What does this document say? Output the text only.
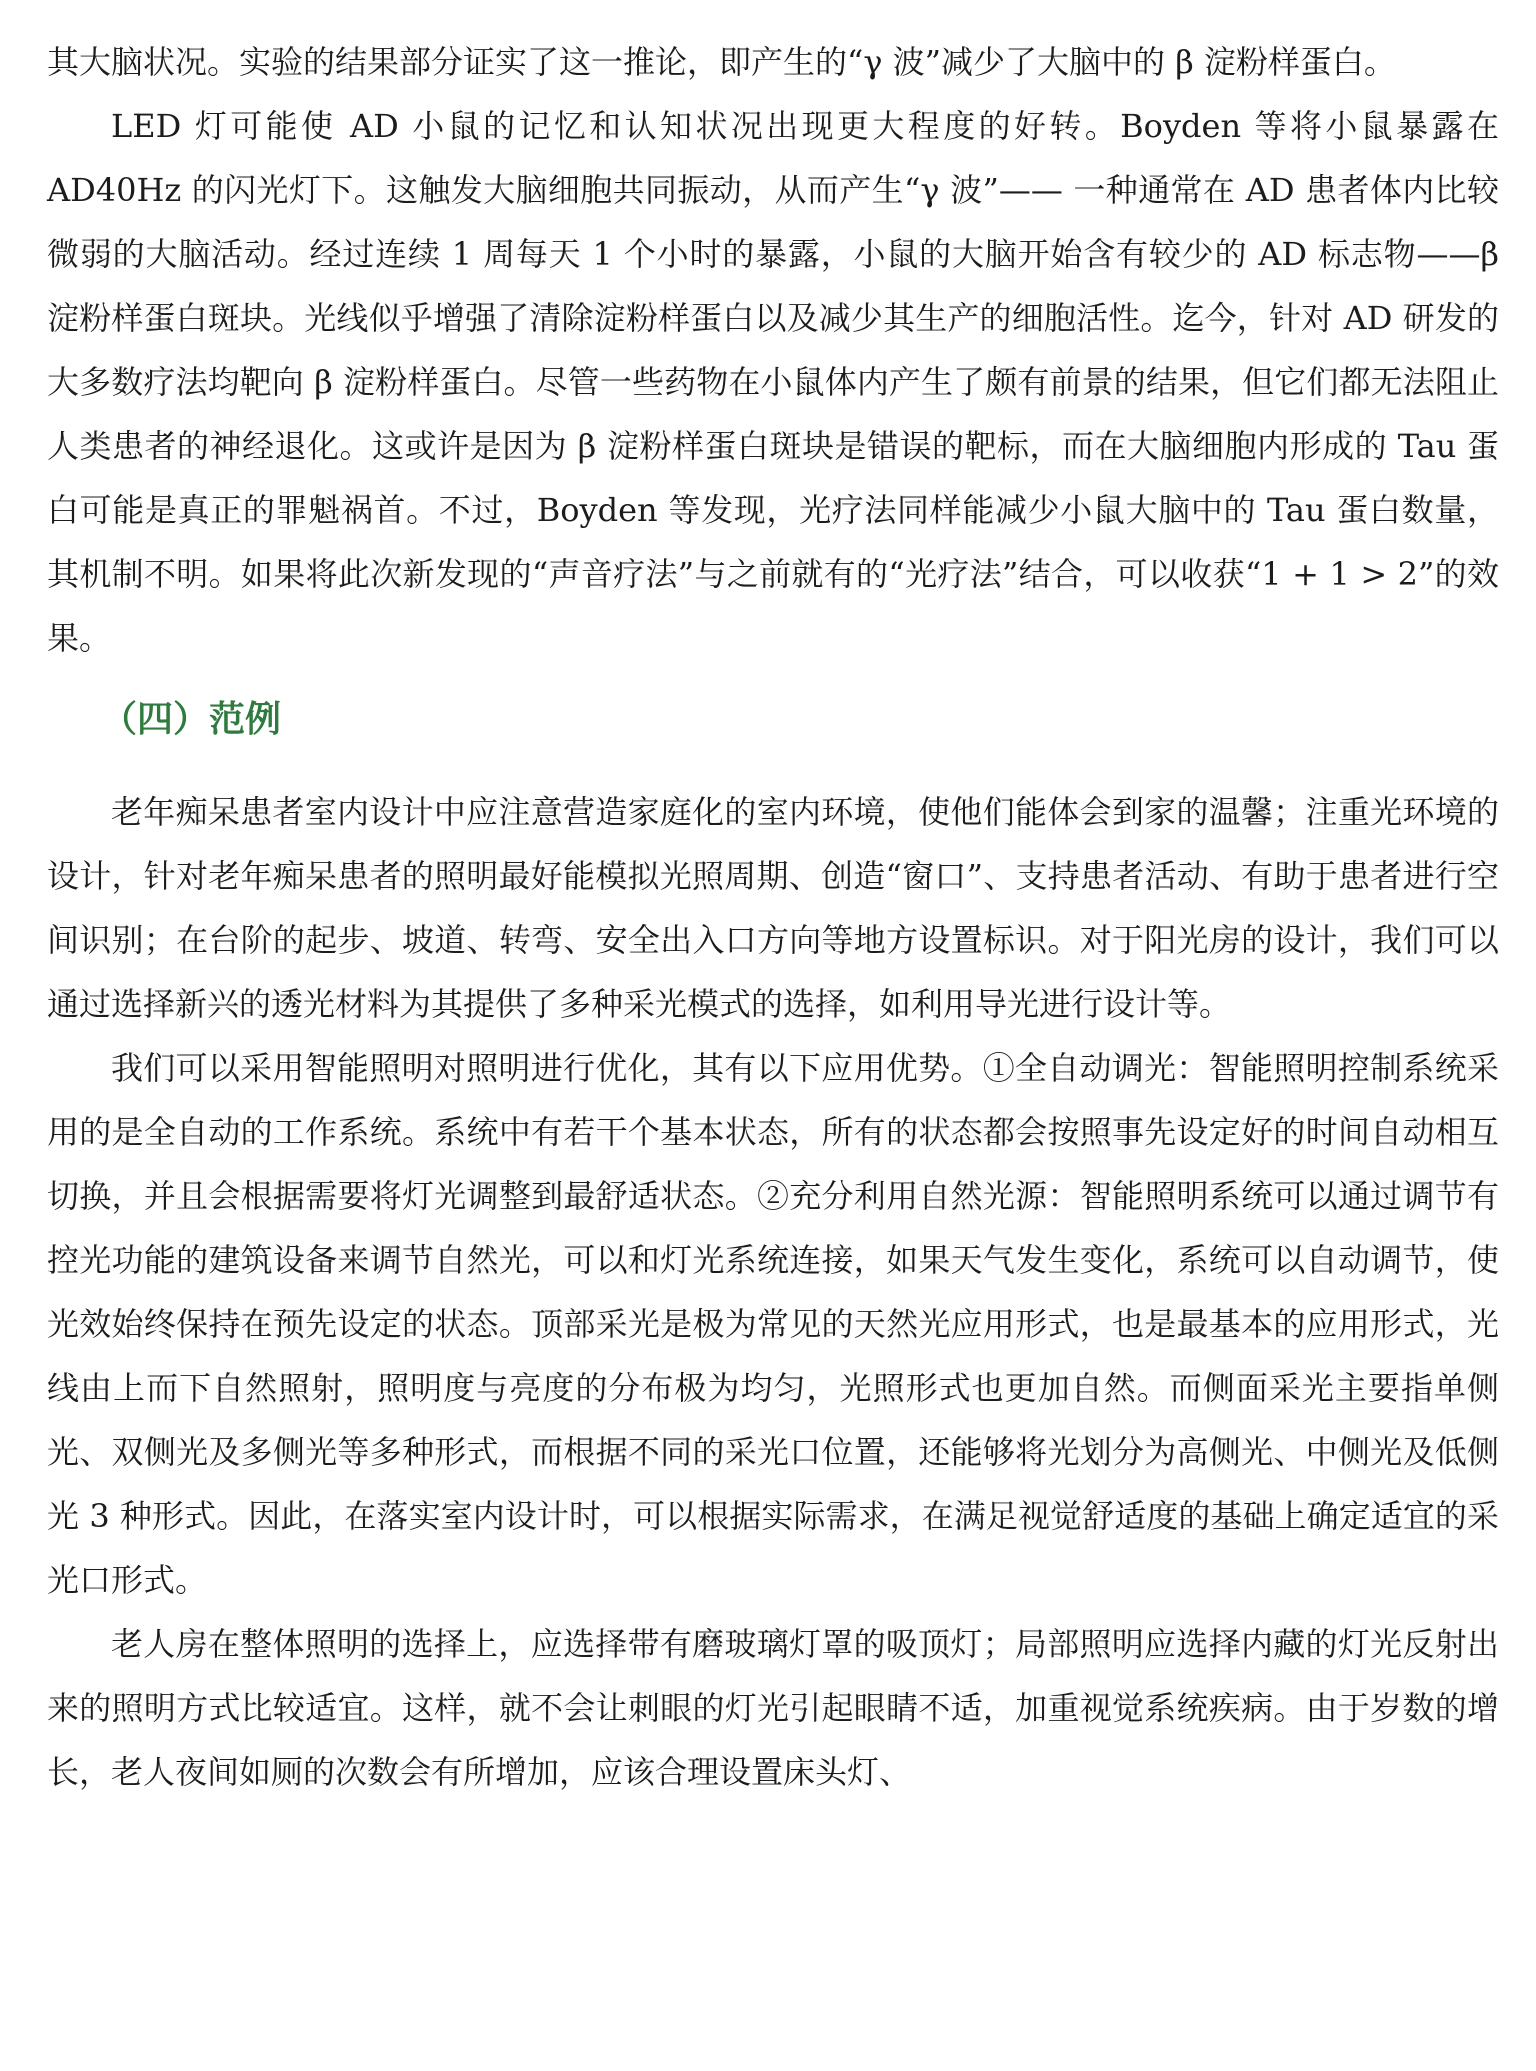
其大脑状况。实验的结果部分证实了这一推论，即产生的“γ 波”减少了大脑中的 β 淀粉样蛋白。

LED 灯可能使 AD 小鼠的记忆和认知状况出现更大程度的好转。Boyden 等将小鼠暴露在 AD40Hz 的闪光灯下。这触发大脑细胞共同振动，从而产生“γ 波”—— 一种通常在 AD 患者体内比较微弱的大脑活动。经过连续 1 周每天 1 个小时的暴露，小鼠的大脑开始含有较少的 AD 标志物——β 淀粉样蛋白斑块。光线似乎增强了清除淀粉样蛋白以及减少其生产的细胞活性。迄今，针对 AD 研发的大多数疗法均靶向 β 淀粉样蛋白。尽管一些药物在小鼠体内产生了颇有前景的结果，但它们都无法阻止人类患者的神经退化。这或许是因为 β 淀粉样蛋白斑块是错误的靶标，而在大脑细胞内形成的 Tau 蛋白可能是真正的罪魁祸首。不过，Boyden 等发现，光疗法同样能减少小鼠大脑中的 Tau 蛋白数量，其机制不明。如果将此次新发现的“声音疗法”与之前就有的“光疗法”结合，可以收获“1 + 1 > 2”的效果。

（四）范例

老年痴呆患者室内设计中应注意营造家庭化的室内环境，使他们能体会到家的温馨；注重光环境的设计，针对老年痴呆患者的照明最好能模拟光照周期、创造“窗口”、支持患者活动、有助于患者进行空间识别；在台阶的起步、坡道、转弯、安全出入口方向等地方设置标识。对于阳光房的设计，我们可以通过选择新兴的透光材料为其提供了多种采光模式的选择，如利用导光进行设计等。

我们可以采用智能照明对照明进行优化，其有以下应用优势。①全自动调光：智能照明控制系统采用的是全自动的工作系统。系统中有若干个基本状态，所有的状态都会按照事先设定好的时间自动相互切换，并且会根据需要将灯光调整到最舒适状态。②充分利用自然光源：智能照明系统可以通过调节有控光功能的建筑设备来调节自然光，可以和灯光系统连接，如果天气发生变化，系统可以自动调节，使光效始终保持在预先设定的状态。顶部采光是极为常见的天然光应用形式，也是最基本的应用形式，光线由上而下自然照射，照明度与亮度的分布极为均匀，光照形式也更加自然。而侧面采光主要指单侧光、双侧光及多侧光等多种形式，而根据不同的采光口位置，还能够将光划分为高侧光、中侧光及低侧光 3 种形式。因此，在落实室内设计时，可以根据实际需求，在满足视觉舒适度的基础上确定适宜的采光口形式。

老人房在整体照明的选择上，应选择带有磨玻璃灯罩的吸顶灯；局部照明应选择内藏的灯光反射出来的照明方式比较适宜。这样，就不会让刺眼的灯光引起眼睛不适，加重视觉系统疾病。由于岁数的增长，老人夜间如厕的次数会有所增加，应该合理设置床头灯、
